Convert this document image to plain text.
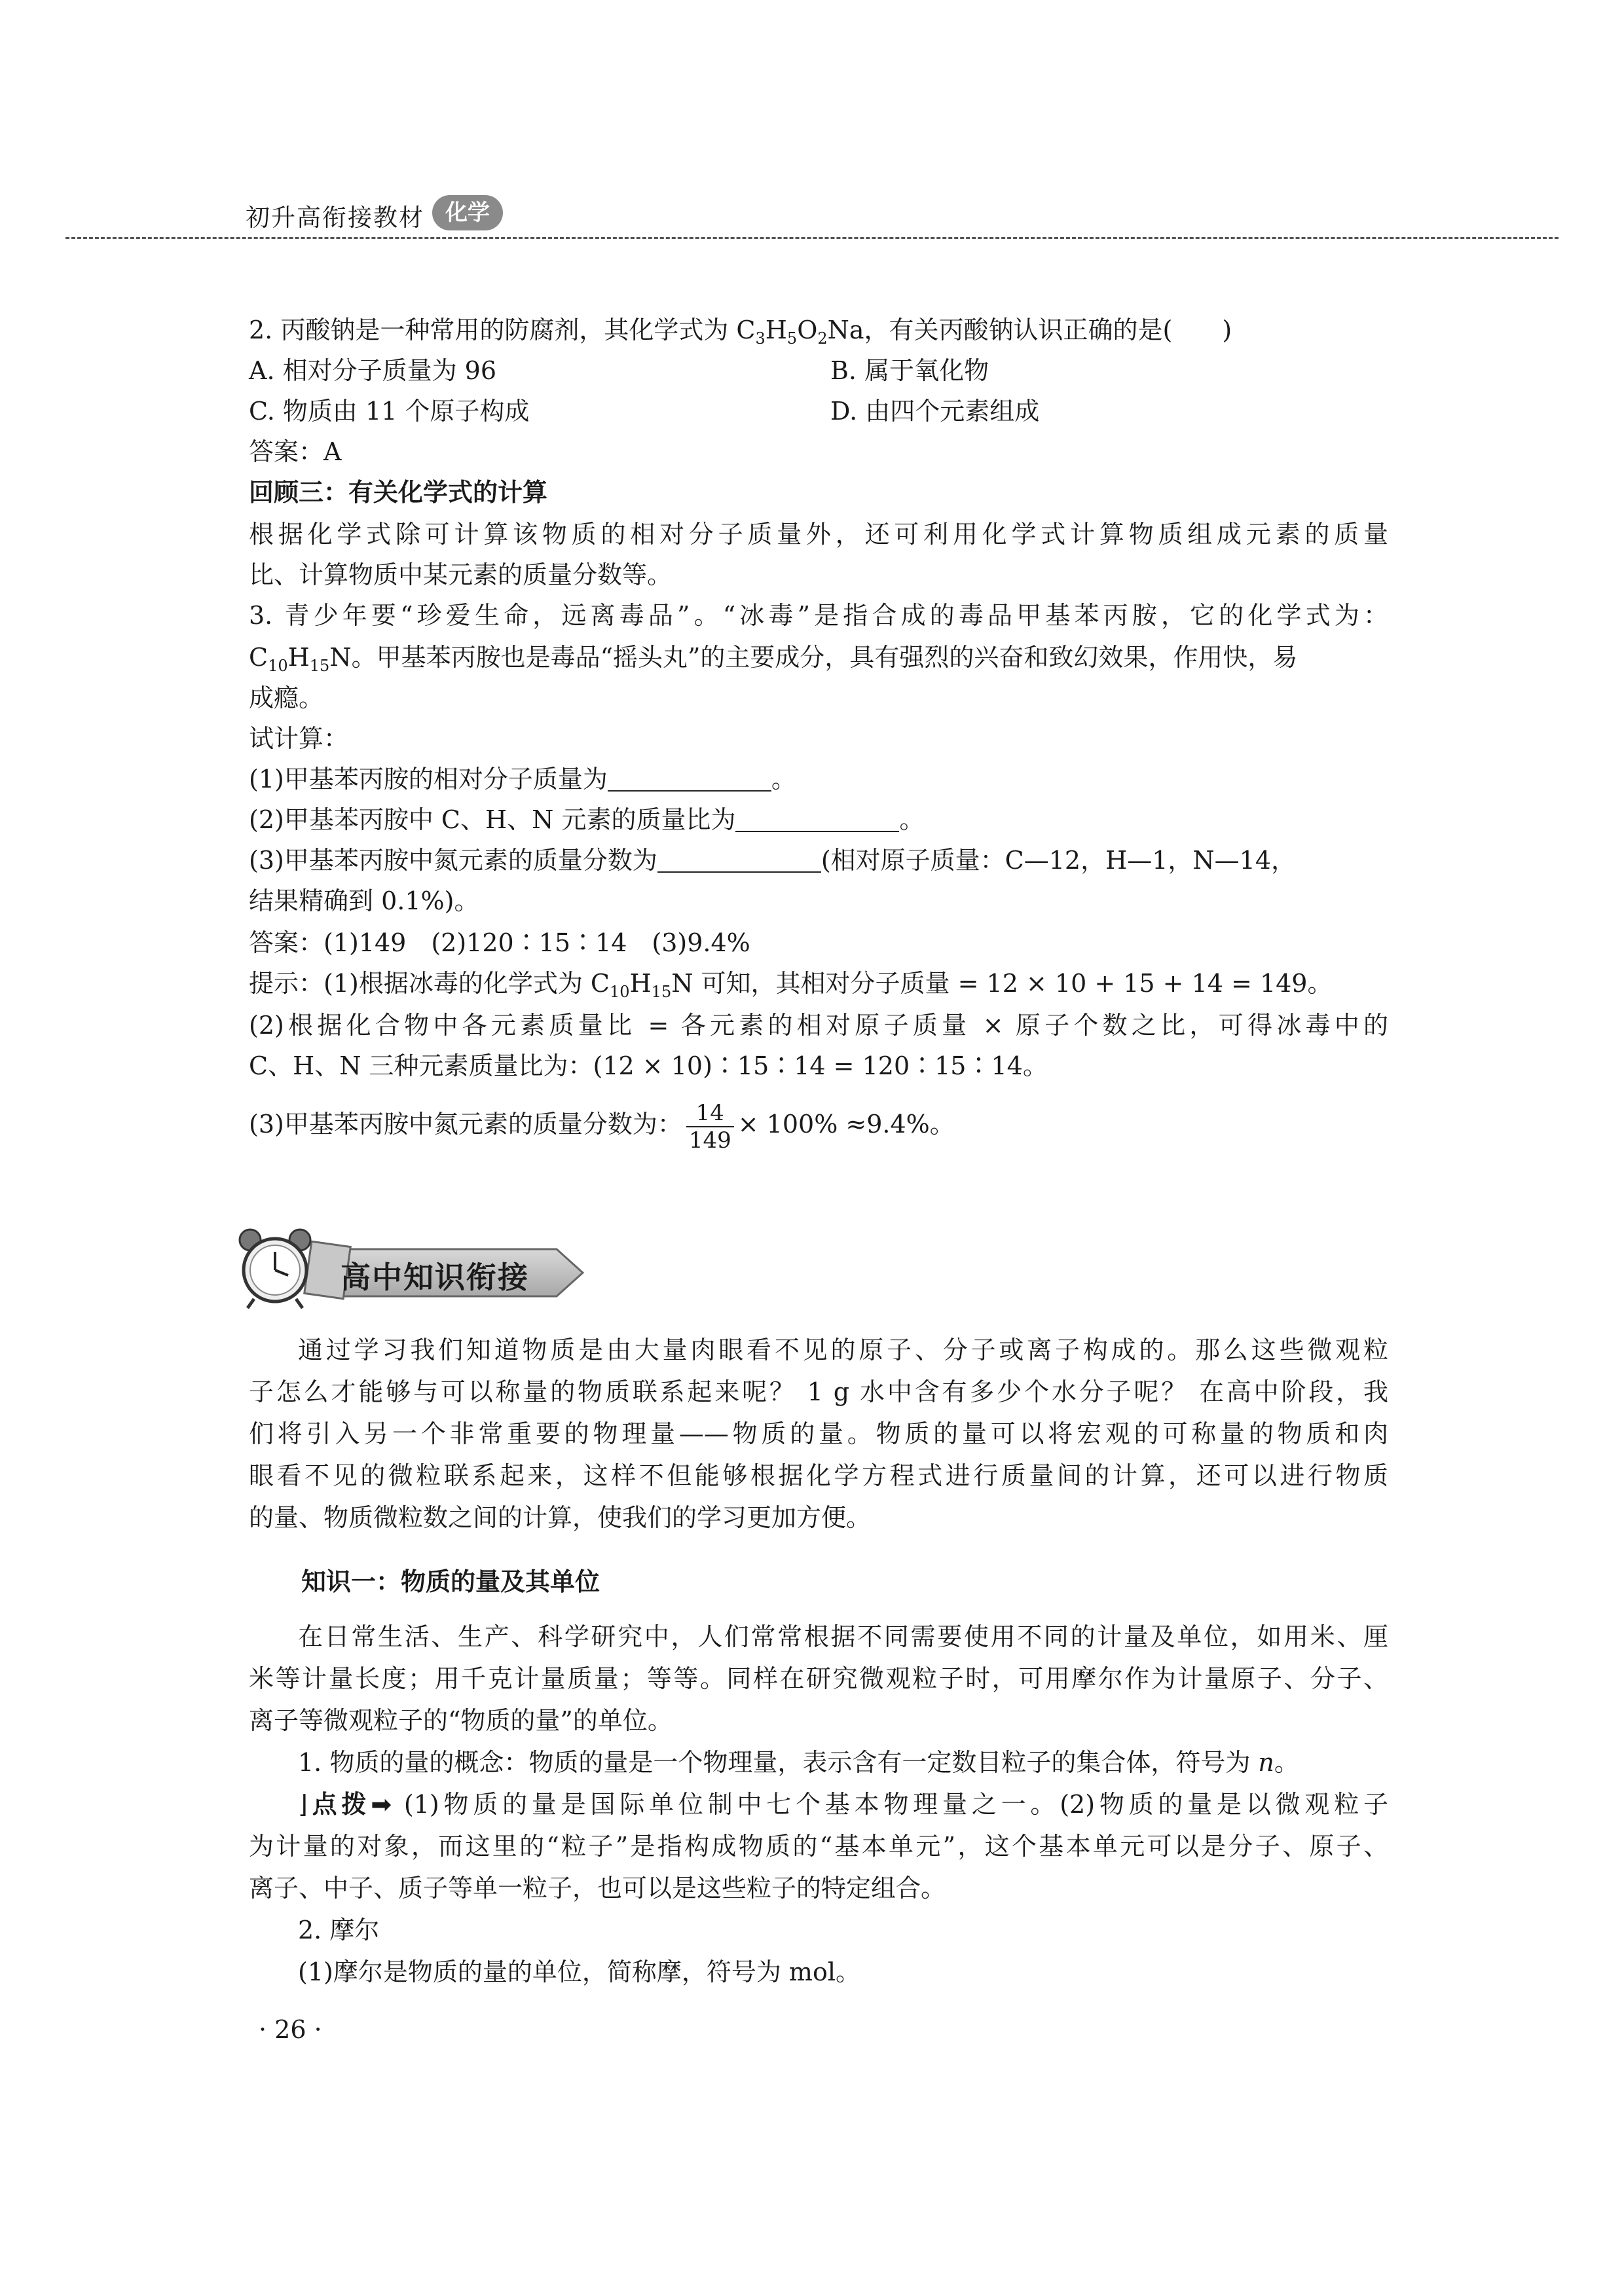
初升高衔接教材 化学
2. 丙酸钠是一种常用的防腐剂，其化学式为 $C_3H_5O_2Na$，有关丙酸钠认识正确的是(　　)
A. 相对分子质量为 96	B. 属于氧化物
C. 物质由 11 个原子构成	D. 由四个元素组成
答案：A
回顾三：有关化学式的计算
根据化学式除可计算该物质的相对分子质量外，还可利用化学式计算物质组成元素的质量
比、计算物质中某元素的质量分数等。
3. 青少年要“珍爱生命，远离毒品”。“冰毒”是指合成的毒品甲基苯丙胺，它的化学式为：
$C_{10}H_{15}N$。甲基苯丙胺也是毒品“摇头丸”的主要成分，具有强烈的兴奋和致幻效果，作用快，易
成瘾。
试计算：
(1)甲基苯丙胺的相对分子质量为	。
(2)甲基苯丙胺中 C、H、N 元素的质量比为	。
(3)甲基苯丙胺中氮元素的质量分数为	(相对原子质量：C—12，H—1，N—14，
结果精确到 0.1%)。
答案：(1)149　(2)120∶15∶14　(3)9.4%
提示：(1)根据冰毒的化学式为 $C_{10}H_{15}N$ 可知，其相对分子质量 = 12 × 10 + 15 + 14 = 149。
(2)根据化合物中各元素质量比 = 各元素的相对原子质量 × 原子个数之比，可得冰毒中的
C、H、N 三种元素质量比为：(12 × 10)∶15∶14 = 120∶15∶14。
(3)甲基苯丙胺中氮元素的质量分数为： $\frac{14}{149} \times 100\% \approx 9.4\%$。
高中知识衔接
通过学习我们知道物质是由大量肉眼看不见的原子、分子或离子构成的。那么这些微观粒
子怎么才能够与可以称量的物质联系起来呢？ 1 g 水中含有多少个水分子呢？ 在高中阶段，我
们将引入另一个非常重要的物理量——物质的量。物质的量可以将宏观的可称量的物质和肉
眼看不见的微粒联系起来，这样不但能够根据化学方程式进行质量间的计算，还可以进行物质
的量、物质微粒数之间的计算，使我们的学习更加方便。
知识一：物质的量及其单位
在日常生活、生产、科学研究中，人们常常根据不同需要使用不同的计量及单位，如用米、厘
米等计量长度；用千克计量质量；等等。同样在研究微观粒子时，可用摩尔作为计量原子、分子、
离子等微观粒子的“物质的量”的单位。
1. 物质的量的概念：物质的量是一个物理量，表示含有一定数目粒子的集合体，符号为 n。
⌋点拨➡ (1)物质的量是国际单位制中七个基本物理量之一。(2)物质的量是以微观粒子
为计量的对象，而这里的“粒子”是指构成物质的“基本单元”，这个基本单元可以是分子、原子、
离子、中子、质子等单一粒子，也可以是这些粒子的特定组合。
2. 摩尔
(1)摩尔是物质的量的单位，简称摩，符号为 mol。
· 26 ·
